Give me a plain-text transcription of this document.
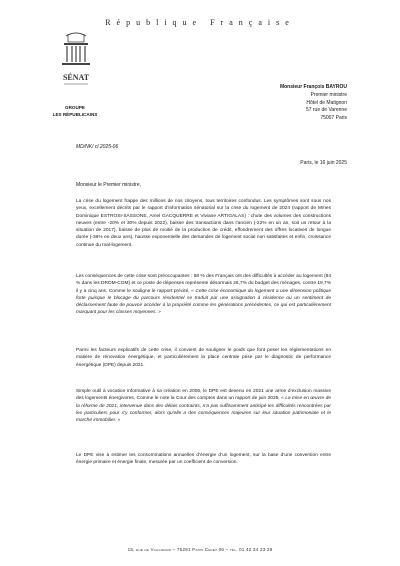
République Française
SÉNAT
GROUPE
LES RÉPUBLICAINS
Monsieur François BAYROU
Premier ministre
Hôtel de Matignon
57 rue de Varenne
75007 Paris
MD/NK/ cl 2025-06
Paris, le 16 juin 2025
Monsieur le Premier ministre,
La crise du logement frappe des millions de nos citoyens, tous territoires confondus. Les symptômes sont sous nos yeux, excellement décrits par le rapport d’information sénatorial sur la crise du logement de 2024 (rapport de Mmes Dominique ESTROSI-SASSONE, Amel GACQUERRE et Viviane ARTIGALAS) : chute des volumes des constructions neuves (entre -20% et 30% depuis 2022), baisse des transactions dans l’ancien (-22% en un an, soit un retour à la situation de 2017), baisse de plus de moitié de la production de crédit, effondrement des offres locatives de longue durée (-36% en deux ans), hausse exponentielle des demandes de logement social non satisfaites et enfin, croissance continue du mal-logement.
Les conséquences de cette crise sont préoccupantes : 58 % des Français ont des difficultés à accéder au logement (84 % dans les DROM-COM) et ce poste de dépenses représente désormais 26,7% du budget des ménages, contre 19,7% il y a cinq ans. Comme le souligne le rapport précité, « Cette crise économique du logement a une dimension politique forte puisque le blocage du parcours résidentiel se traduit par une assignation à résidence ou un sentiment de déclassement faute de pouvoir accéder à la propriété comme les générations précédentes, ce qui est particulièrement marquant pour les classes moyennes. »
Parmi les facteurs explicatifs de cette crise, il convient de souligner le poids que font peser les réglementations en matière de rénovation énergétique, et particulièrement la place centrale prise par le diagnostic de performance énergétique (DPE) depuis 2021.
Simple outil à vocation informative à sa création en 2006, le DPE est devenu en 2021 une arme d’exclusion massive des logements énergivores. Comme le note la Cour des comptes dans un rapport de juin 2025, « La mise en œuvre de la réforme de 2021, intervenue dans des délais contraints, n’a pas suffisamment anticipé les difficultés rencontrées par les particuliers pour s’y conformer, alors qu’elle a des conséquences majeures sur leur situation patrimoniale et le marché immobilier. »
Le DPE vise à estimer les consommations annuelles d’énergie d’un logement, sur la base d’une conversion entre énergie primaire et énergie finale, mesurée par un coefficient de conversion.
15, rue de Vaugirard – 75291 Paris Cedex 06 – tél. 01 42 34 23 29
